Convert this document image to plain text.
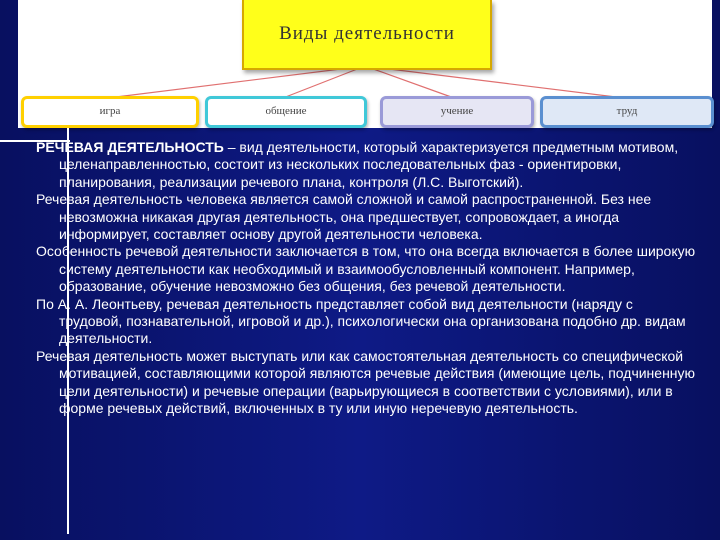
Виды деятельности
игра	общение	учение	труд

РЕЧЕВАЯ ДЕЯТЕЛЬНОСТЬ – вид деятельности, который характеризуется предметным мотивом, целенаправленностью, состоит из нескольких последовательных фаз - ориентировки, планирования, реализации речевого плана, контроля (Л.С. Выготский).

Речевая деятельность человека является самой сложной и самой распространенной. Без нее невозможна никакая другая деятельность, она предшествует, сопровождает, а иногда информирует, составляет основу другой деятельности человека.

Особенность речевой деятельности заключается в том, что она всегда включается в более широкую систему деятельности как необходимый и взаимообусловленный компонент. Например, образование, обучение невозможно без общения, без речевой деятельности.

По А. А. Леонтьеву, речевая деятельность представляет собой вид деятельности (наряду с трудовой, познавательной, игровой и др.), психологически она организована подобно др. видам деятельности.

Речевая деятельность может выступать или как самостоятельная деятельность со специфической мотивацией, составляющими которой являются речевые действия (имеющие цель, подчиненную цели деятельности) и речевые операции (варьирующиеся в соответствии с условиями), или в форме речевых действий, включенных в ту или иную неречевую деятельность.
